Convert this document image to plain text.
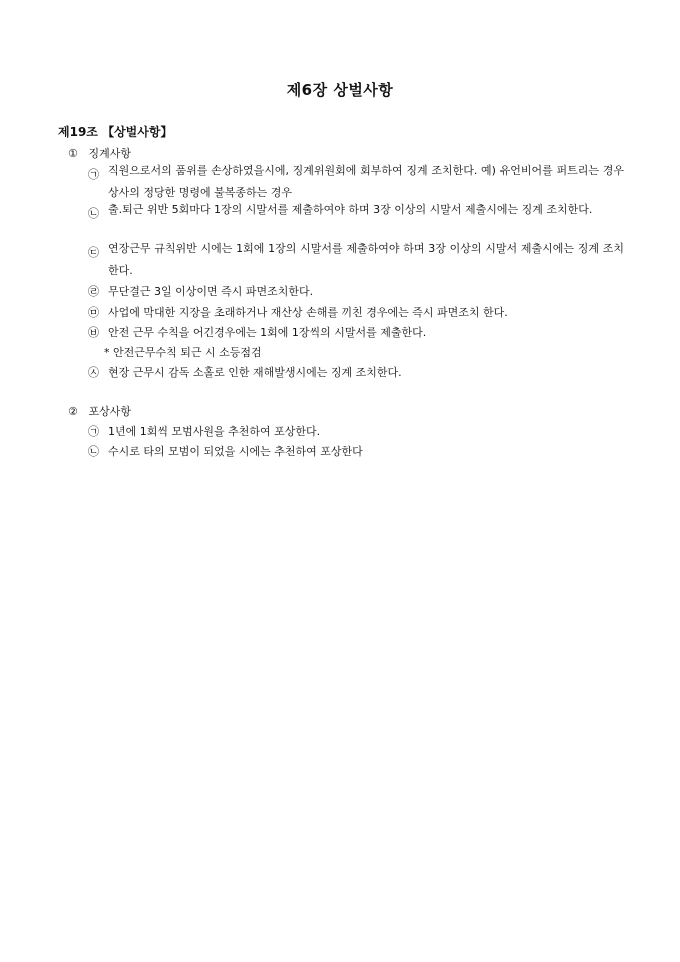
제6장 상벌사항
제19조 【상벌사항】
① 징계사항
㉠ 직원으로서의 품위를 손상하였을시에, 징계위원회에 회부하여 징계 조치한다. 예) 유언비어를 퍼트리는 경우 상사의 정당한 명령에 불복종하는 경우
㉡ 출.퇴근 위반 5회마다 1장의 시말서를 제출하여야 하며 3장 이상의 시말서 제출시에는 징계 조치한다.
㉢ 연장근무 규칙위반 시에는 1회에 1장의 시말서를 제출하여야 하며 3장 이상의 시말서 제출시에는 징계 조치한다.
㉣ 무단결근 3일 이상이면 즉시 파면조치한다.
㉤ 사업에 막대한 지장을 초래하거나 재산상 손해를 끼친 경우에는 즉시 파면조치 한다.
㉥ 안전 근무 수칙을 어긴경우에는 1회에 1장씩의 시말서를 제출한다.
* 안전근무수칙 퇴근 시 소등점검
㉦ 현장 근무시 감독 소홀로 인한 재해발생시에는 징계 조치한다.
② 포상사항
㉠ 1년에 1회씩 모범사원을 추천하여 포상한다.
㉡ 수시로 타의 모범이 되었을 시에는 추천하여 포상한다
